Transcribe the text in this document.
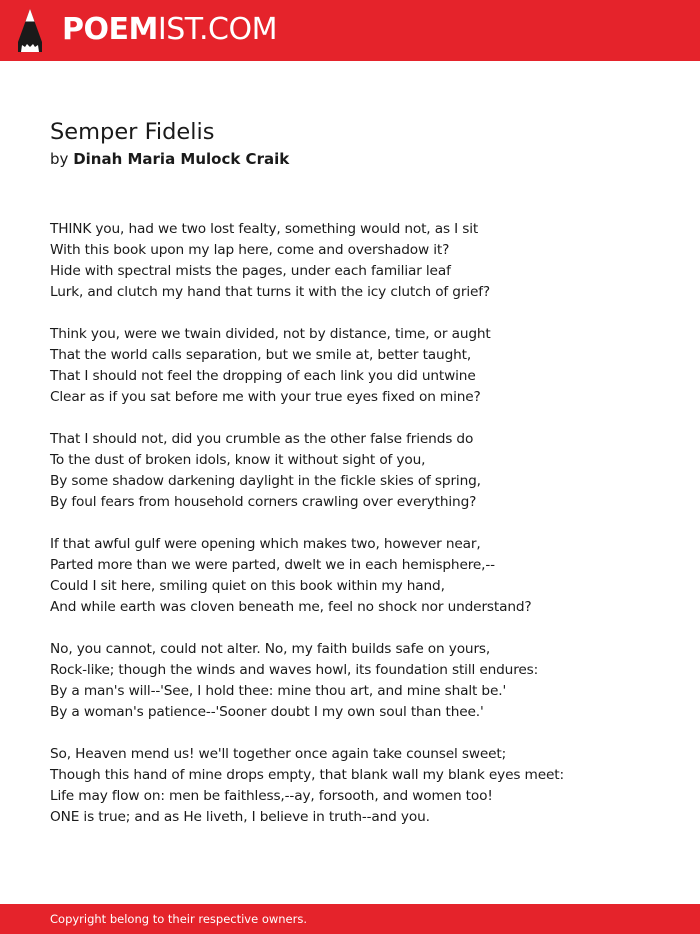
POEMIST.COM
Semper Fidelis
by Dinah Maria Mulock Craik
THINK you, had we two lost fealty, something would not, as I sit
With this book upon my lap here, come and overshadow it?
Hide with spectral mists the pages, under each familiar leaf
Lurk, and clutch my hand that turns it with the icy clutch of grief?
Think you, were we twain divided, not by distance, time, or aught
That the world calls separation, but we smile at, better taught,
That I should not feel the dropping of each link you did untwine
Clear as if you sat before me with your true eyes fixed on mine?
That I should not, did you crumble as the other false friends do
To the dust of broken idols, know it without sight of you,
By some shadow darkening daylight in the fickle skies of spring,
By foul fears from household corners crawling over everything?
If that awful gulf were opening which makes two, however near,
Parted more than we were parted, dwelt we in each hemisphere,--
Could I sit here, smiling quiet on this book within my hand,
And while earth was cloven beneath me, feel no shock nor understand?
No, you cannot, could not alter. No, my faith builds safe on yours,
Rock-like; though the winds and waves howl, its foundation still endures:
By a man's will--'See, I hold thee: mine thou art, and mine shalt be.'
By a woman's patience--'Sooner doubt I my own soul than thee.'
So, Heaven mend us! we'll together once again take counsel sweet;
Though this hand of mine drops empty, that blank wall my blank eyes meet:
Life may flow on: men be faithless,--ay, forsooth, and women too!
ONE is true; and as He liveth, I believe in truth--and you.
Copyright belong to their respective owners.
